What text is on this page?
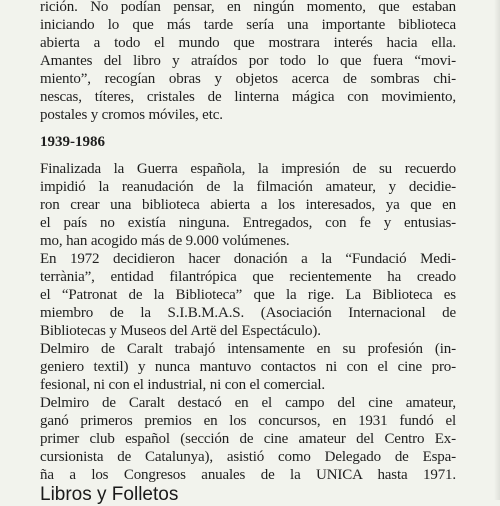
rición. No podían pensar, en ningún momento, que estaban
iniciando lo que más tarde sería una importante biblioteca
abierta a todo el mundo que mostrara interés hacia ella.
Amantes del libro y atraídos por todo lo que fuera “movi-
miento”, recogían obras y objetos acerca de sombras chi-
nescas, títeres, cristales de linterna mágica con movimiento,
postales y cromos móviles, etc.
1939-1986
Finalizada la Guerra española, la impresión de su recuerdo
impidió la reanudación de la filmación amateur, y decidie-
ron crear una biblioteca abierta a los interesados, ya que en
el país no existía ninguna. Entregados, con fe y entusias-
mo, han acogido más de 9.000 volúmenes.
En 1972 decidieron hacer donación a la “Fundació Medi-
terrània”, entidad filantrópica que recientemente ha creado
el “Patronat de la Biblioteca” que la rige. La Biblioteca es
miembro de la S.I.B.M.A.S. (Asociación Internacional de
Bibliotecas y Museos del Artë del Espectáculo).
Delmiro de Caralt trabajó intensamente en su profesión (in-
geniero textil) y nunca mantuvo contactos ni con el cine pro-
fesional, ni con el industrial, ni con el comercial.
Delmiro de Caralt destacó en el campo del cine amateur,
ganó primeros premios en los concursos, en 1931 fundó el
primer club español (sección de cine amateur del Centro Ex-
cursionista de Catalunya), asistió como Delegado de Espa-
ña a los Congresos anuales de la UNICA hasta 1971.
Libros y Folletos
